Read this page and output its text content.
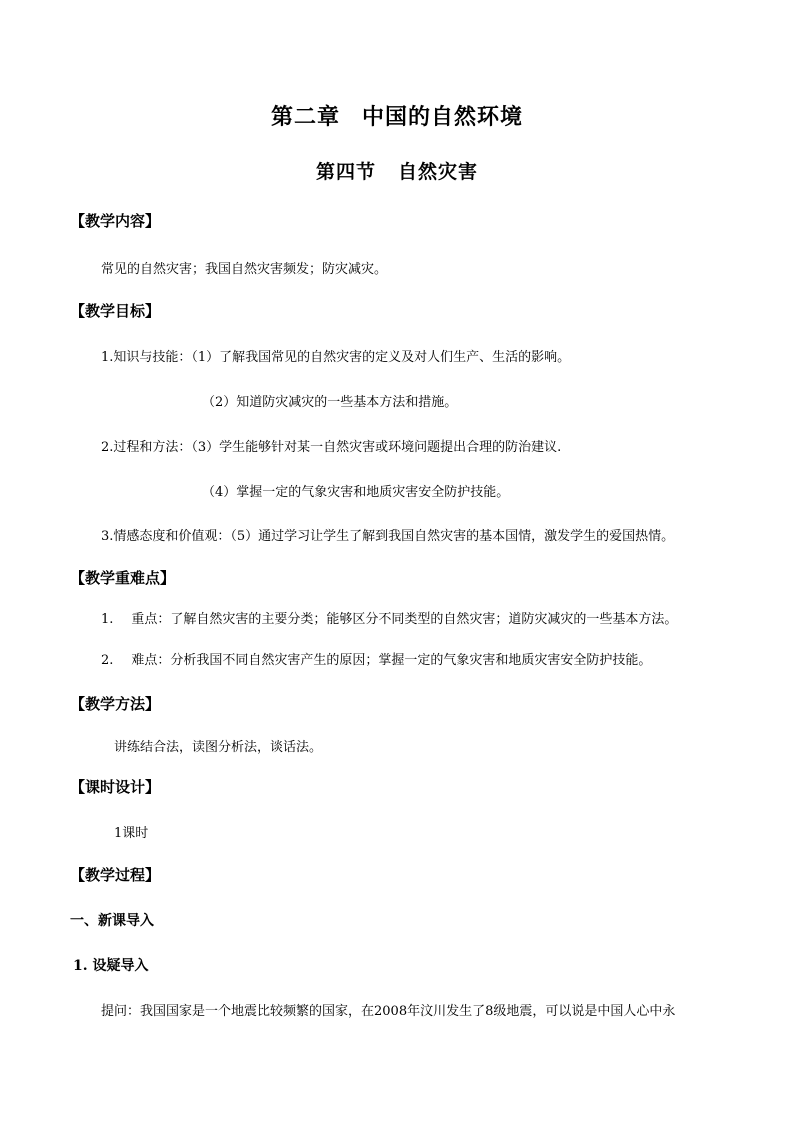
第二章 中国的自然环境
第四节 自然灾害
【教学内容】
常见的自然灾害；我国自然灾害频发；防灾减灾。
【教学目标】
1.知识与技能：（1）了解我国常见的自然灾害的定义及对人们生产、生活的影响。
（2）知道防灾减灾的一些基本方法和措施。
2.过程和方法：（3）学生能够针对某一自然灾害或环境问题提出合理的防治建议.
（4）掌握一定的气象灾害和地质灾害安全防护技能。
3.情感态度和价值观：（5）通过学习让学生了解到我国自然灾害的基本国情，激发学生的爱国热情。
【教学重难点】
1. 重点：了解自然灾害的主要分类；能够区分不同类型的自然灾害；道防灾减灾的一些基本方法。
2. 难点：分析我国不同自然灾害产生的原因；掌握一定的气象灾害和地质灾害安全防护技能。
【教学方法】
讲练结合法，读图分析法，谈话法。
【课时设计】
1课时
【教学过程】
一、新课导入
1. 设疑导入
提问：我国国家是一个地震比较频繁的国家，在2008年汶川发生了8级地震，可以说是中国人心中永
